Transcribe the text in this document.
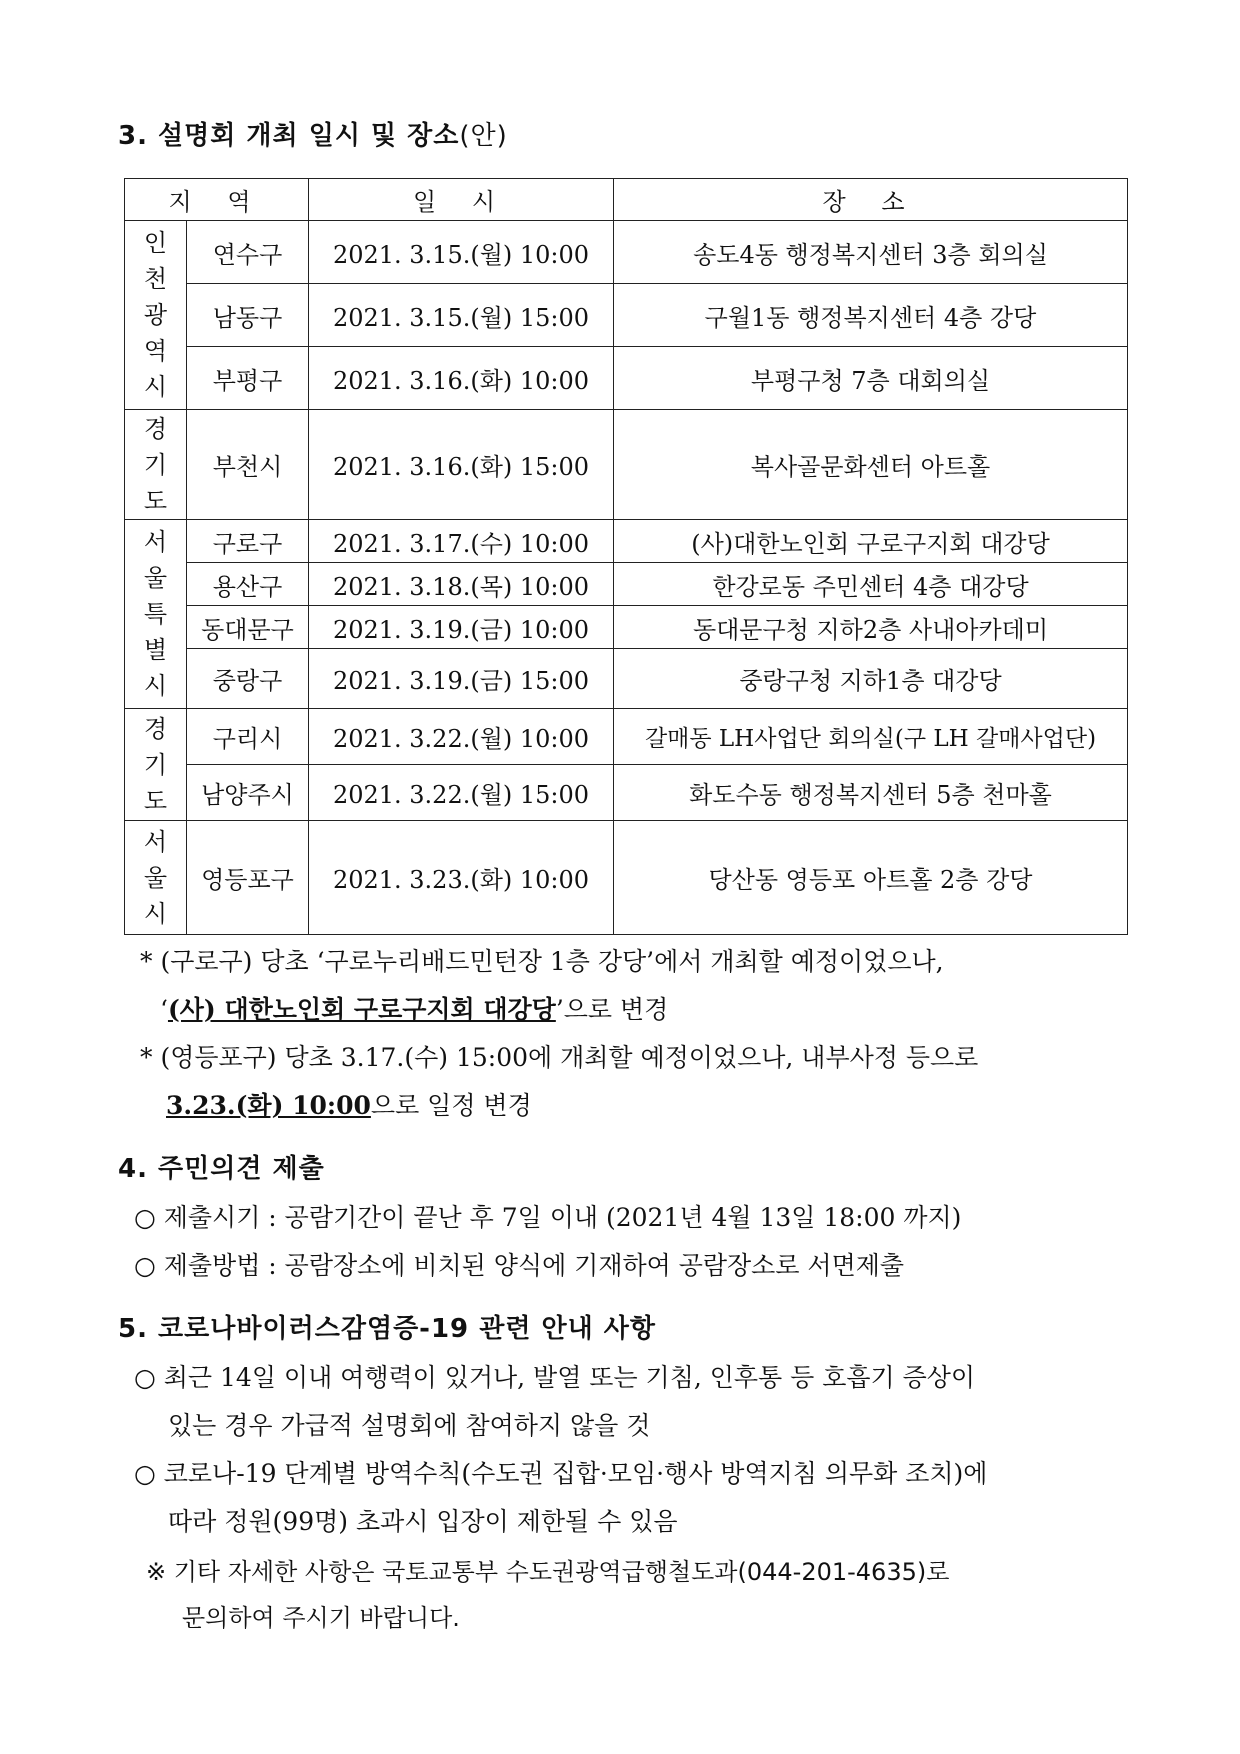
3. 설명회 개최 일시 및 장소(안)
지 역		일 시	장 소

인
천
광
역
시	연수구	2021. 3.15.(월) 10:00	송도4동 행정복지센터 3층 회의실
	남동구	2021. 3.15.(월) 15:00	구월1동 행정복지센터 4층 강당
	부평구	2021. 3.16.(화) 10:00	부평구청 7층 대회의실

경
기
도	부천시	2021. 3.16.(화) 15:00	복사골문화센터 아트홀

서
울
특
별
시	구로구	2021. 3.17.(수) 10:00	(사)대한노인회 구로구지회 대강당
	용산구	2021. 3.18.(목) 10:00	한강로동 주민센터 4층 대강당
	동대문구	2021. 3.19.(금) 10:00	동대문구청 지하2층 사내아카데미
	중랑구	2021. 3.19.(금) 15:00	중랑구청 지하1층 대강당

경
기
도	구리시	2021. 3.22.(월) 10:00	갈매동 LH사업단 회의실(구 LH 갈매사업단)
	남양주시	2021. 3.22.(월) 15:00	화도수동 행정복지센터 5층 천마홀

서
울
시	영등포구	2021. 3.23.(화) 10:00	당산동 영등포 아트홀 2층 강당
* (구로구) 당초 ‘구로누리배드민턴장 1층 강당’에서 개최할 예정이었으나,
‘(사) 대한노인회 구로구지회 대강당’으로 변경
* (영등포구) 당초 3.17.(수) 15:00에 개최할 예정이었으나, 내부사정 등으로
3.23.(화) 10:00으로 일정 변경
4. 주민의견 제출
○ 제출시기 : 공람기간이 끝난 후 7일 이내 (2021년 4월 13일 18:00 까지)
○ 제출방법 : 공람장소에 비치된 양식에 기재하여 공람장소로 서면제출
5. 코로나바이러스감염증-19 관련 안내 사항
○ 최근 14일 이내 여행력이 있거나, 발열 또는 기침, 인후통 등 호흡기 증상이
있는 경우 가급적 설명회에 참여하지 않을 것
○ 코로나-19 단계별 방역수칙(수도권 집합·모임·행사 방역지침 의무화 조치)에
따라 정원(99명) 초과시 입장이 제한될 수 있음
※ 기타 자세한 사항은 국토교통부 수도권광역급행철도과(044-201-4635)로
문의하여 주시기 바랍니다.
